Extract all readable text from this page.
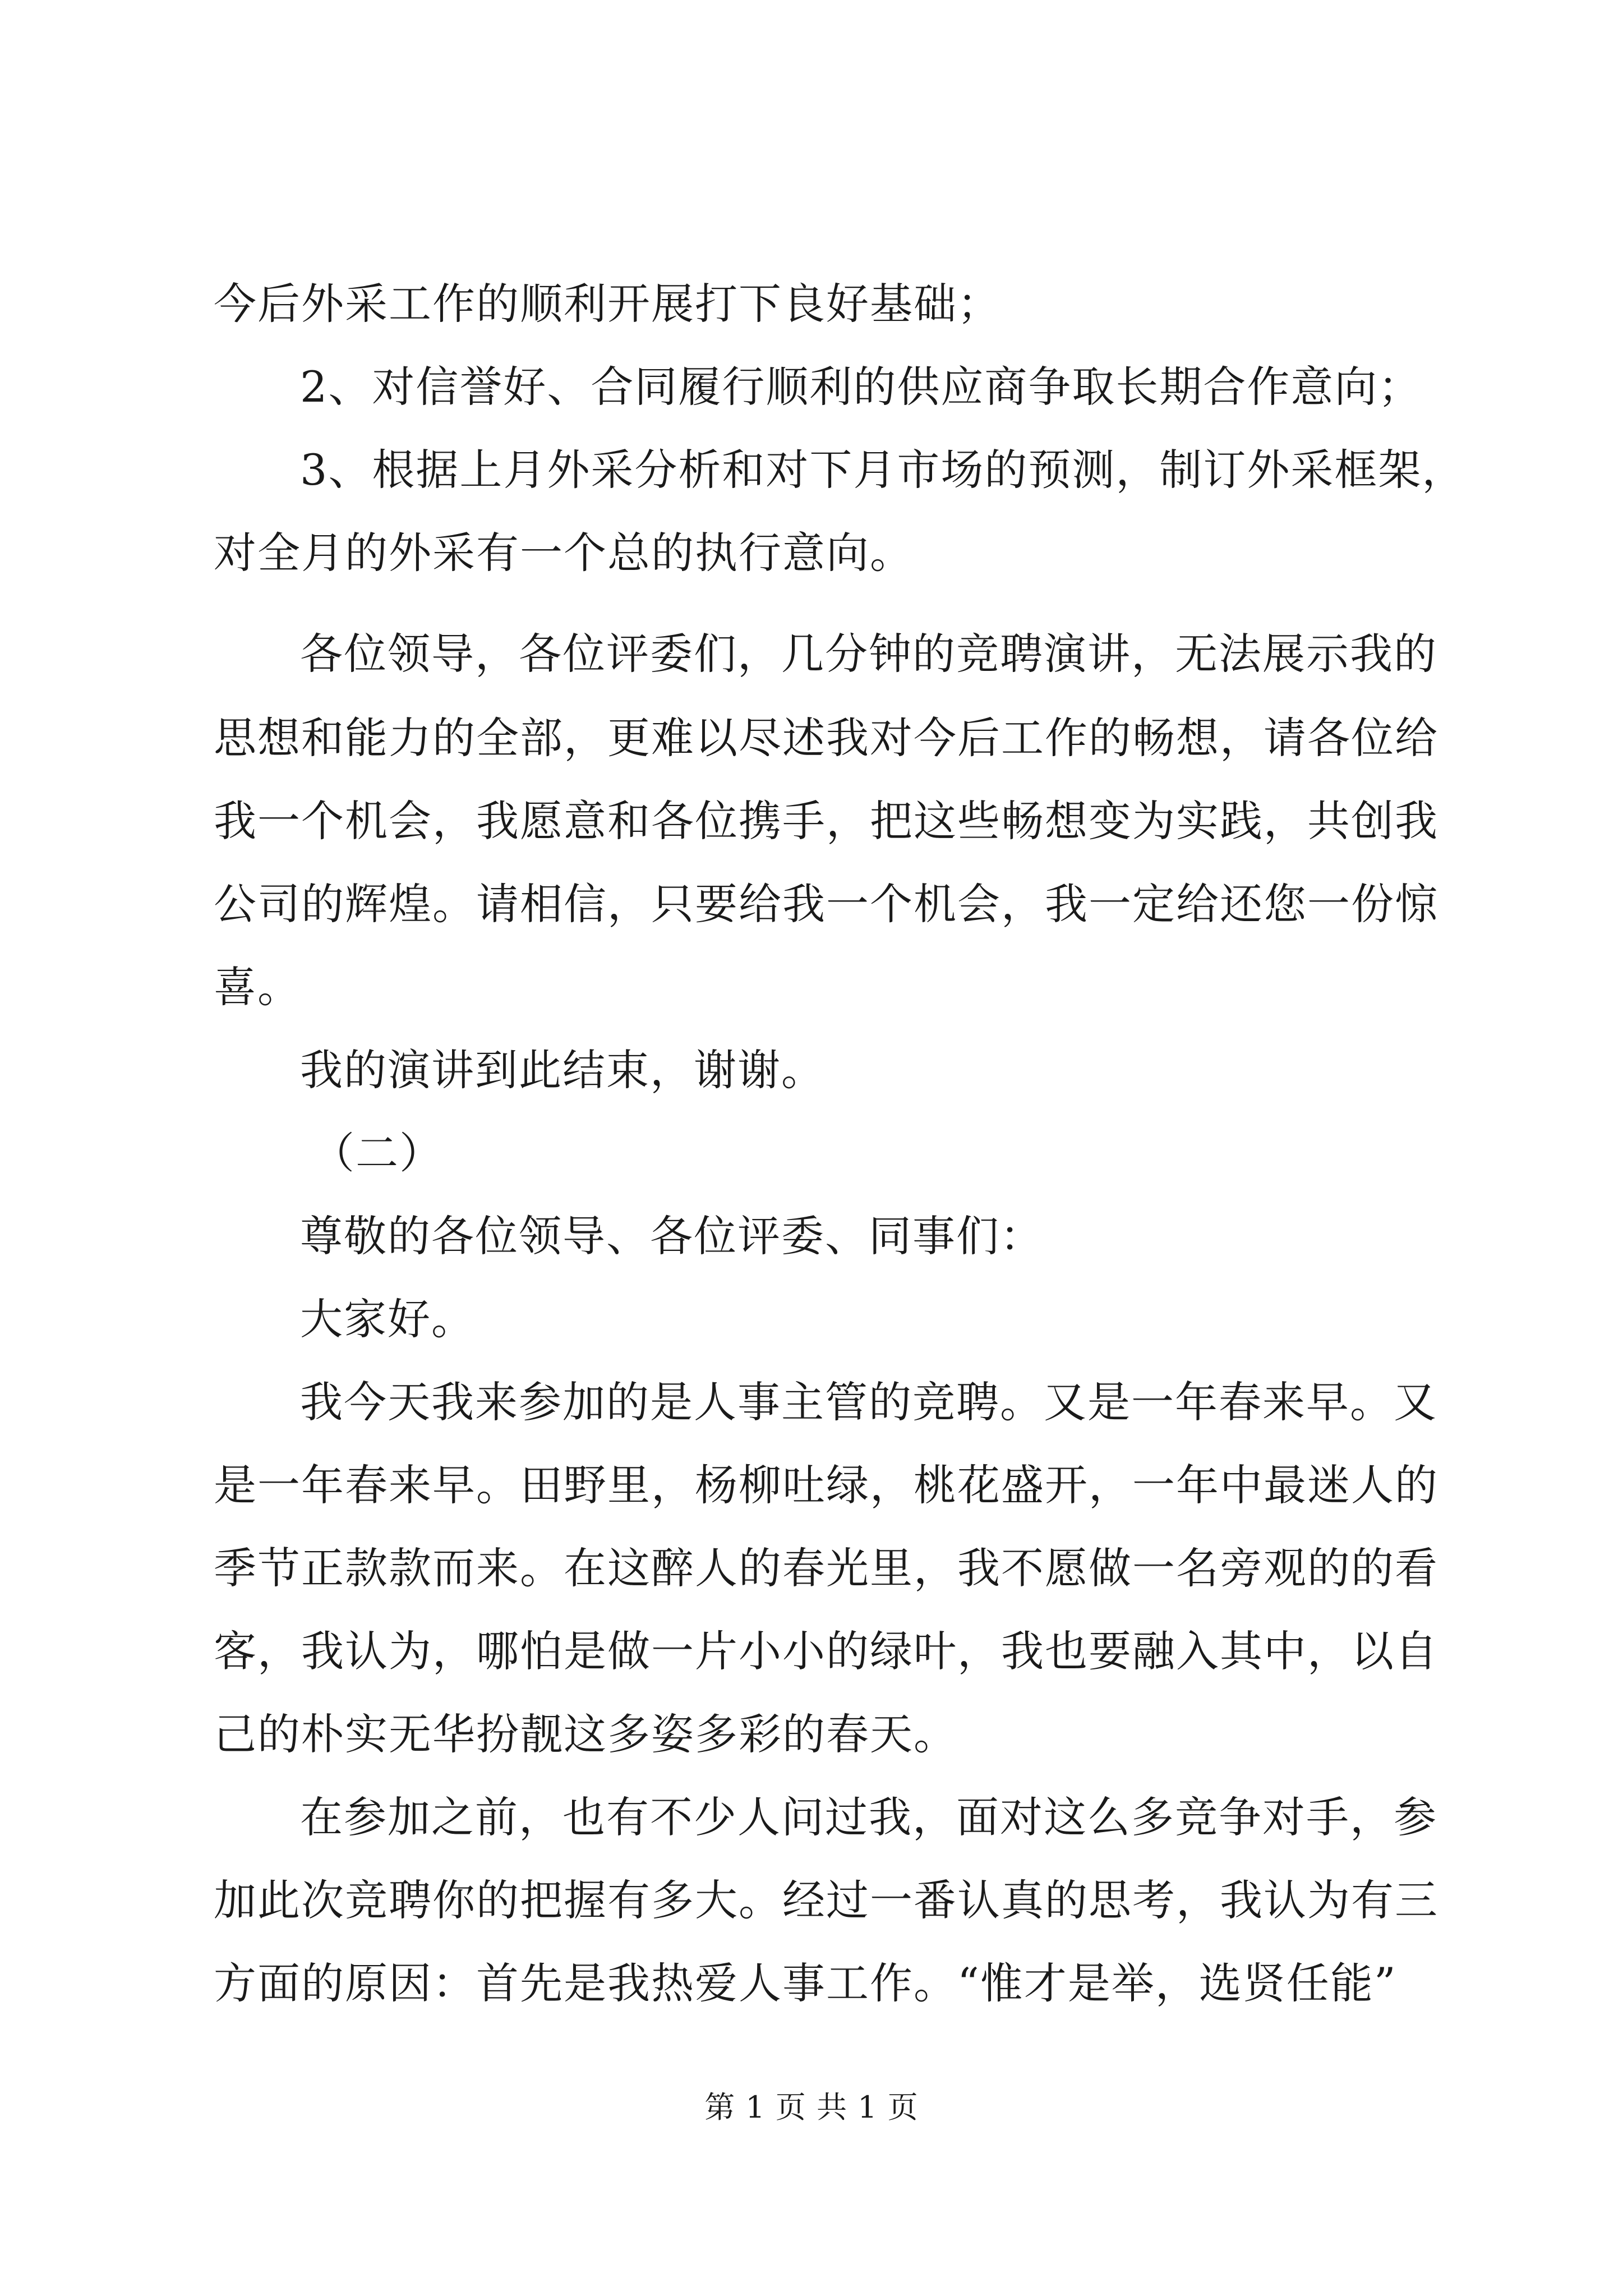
今后外采工作的顺利开展打下良好基础；
2、对信誉好、合同履行顺利的供应商争取长期合作意向；
3、根据上月外采分析和对下月市场的预测，制订外采框架，
对全月的外采有一个总的执行意向。
各位领导，各位评委们，几分钟的竞聘演讲，无法展示我的
思想和能力的全部，更难以尽述我对今后工作的畅想，请各位给
我一个机会，我愿意和各位携手，把这些畅想变为实践，共创我
公司的辉煌。请相信，只要给我一个机会，我一定给还您一份惊
喜。
我的演讲到此结束，谢谢。
（二）
尊敬的各位领导、各位评委、同事们：
大家好。
我今天我来参加的是人事主管的竞聘。又是一年春来早。又
是一年春来早。田野里，杨柳吐绿，桃花盛开，一年中最迷人的
季节正款款而来。在这醉人的春光里，我不愿做一名旁观的的看
客，我认为，哪怕是做一片小小的绿叶，我也要融入其中，以自
己的朴实无华扮靓这多姿多彩的春天。
在参加之前，也有不少人问过我，面对这么多竞争对手，参
加此次竞聘你的把握有多大。经过一番认真的思考，我认为有三
方面的原因：首先是我热爱人事工作。“惟才是举，选贤任能”
第 1 页 共 1 页
